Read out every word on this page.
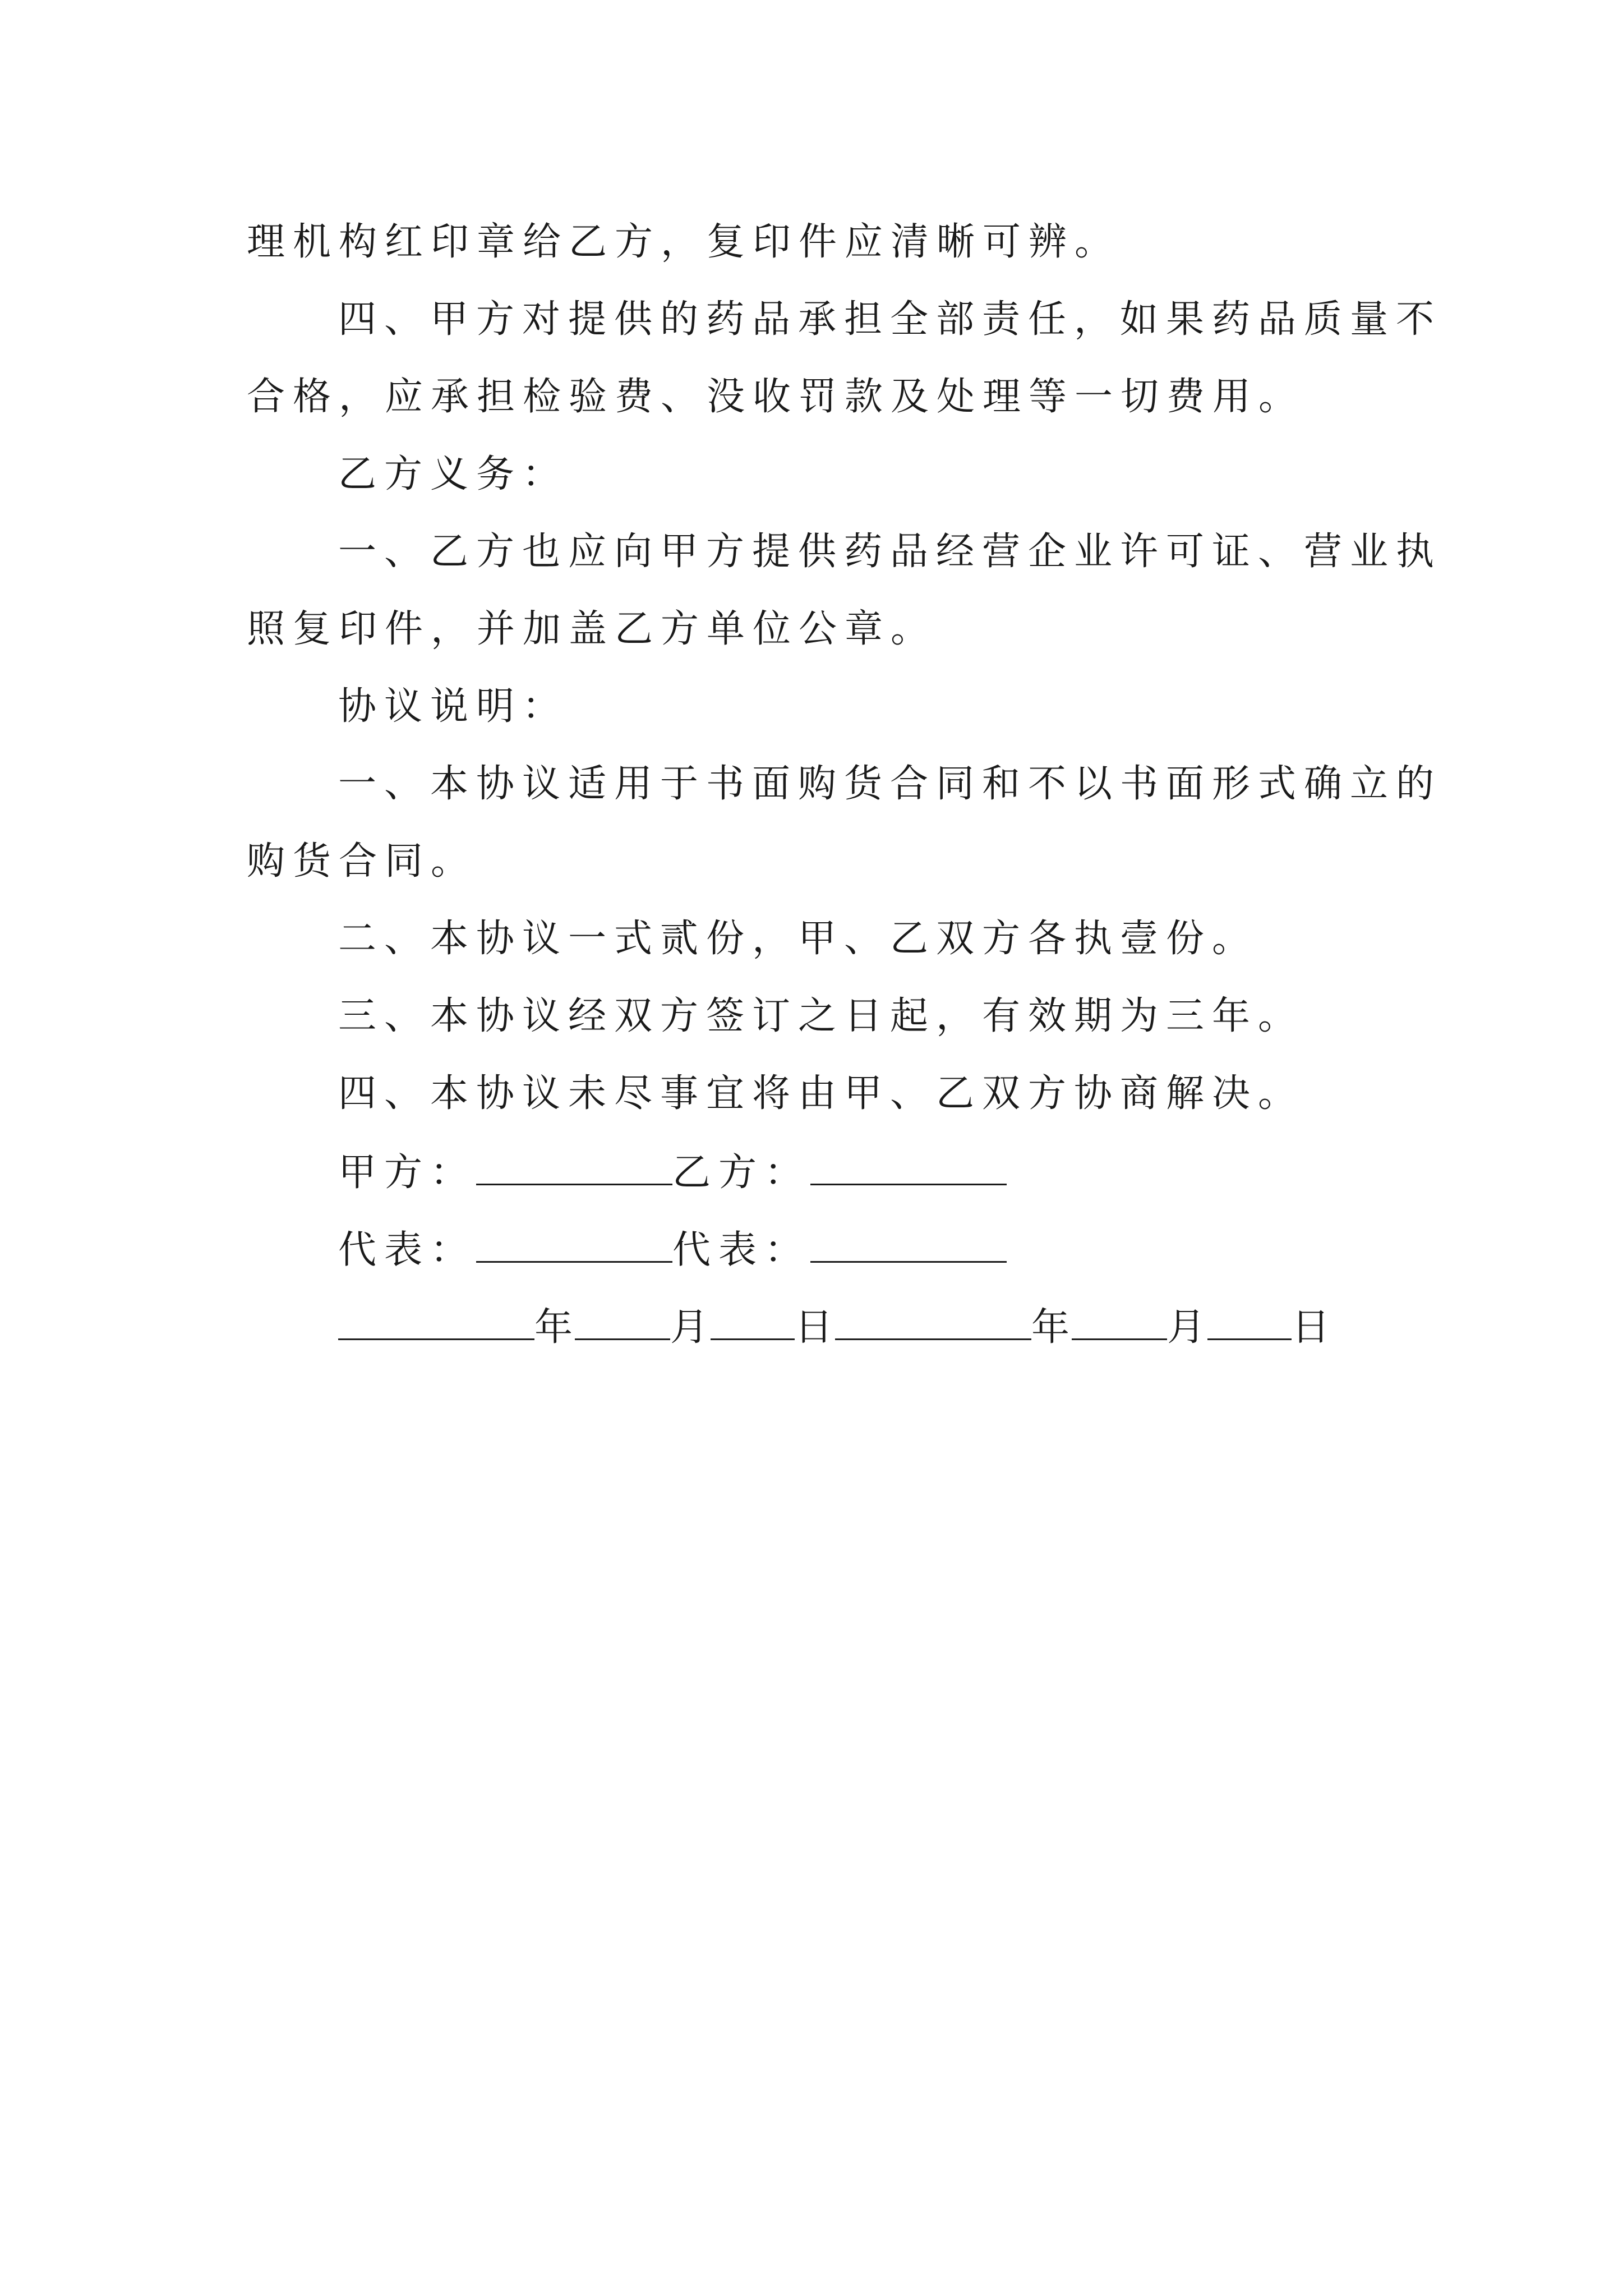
理机构红印章给乙方，复印件应清晰可辨。
四、甲方对提供的药品承担全部责任，如果药品质量不
合格，应承担检验费、没收罚款及处理等一切费用。
乙方义务：
一、乙方也应向甲方提供药品经营企业许可证、营业执
照复印件，并加盖乙方单位公章。
协议说明：
一、本协议适用于书面购货合同和不以书面形式确立的
购货合同。
二、本协议一式贰份，甲、乙双方各执壹份。
三、本协议经双方签订之日起，有效期为三年。
四、本协议未尽事宜将由甲、乙双方协商解决。
甲方：	乙方：
代表：	代表：
年	月 日	年	月 日
